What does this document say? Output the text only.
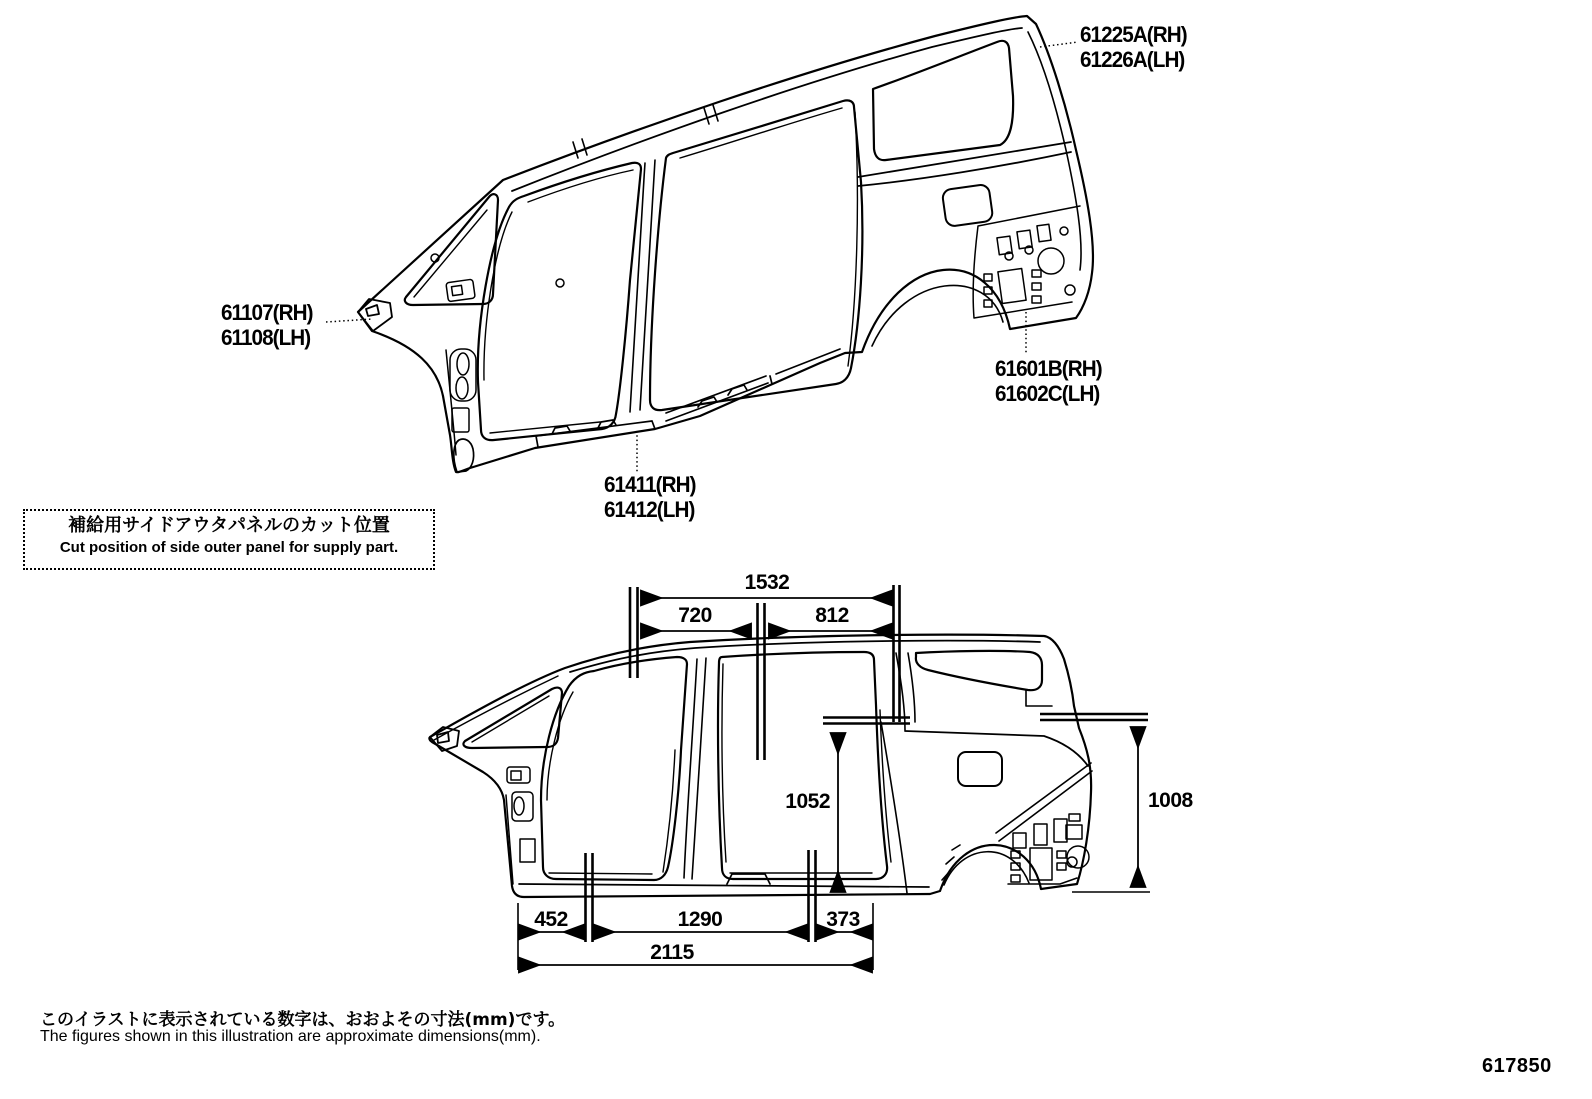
61225A(RH)
61226A(LH)
61107(RH)
61108(LH)
61601B(RH)
61602C(LH)
61411(RH)
61412(LH)
補給用サイドアウタパネルのカット位置
Cut position of side outer panel for supply part.
1532
720	812
1052	1008
452	1290	373
2115
このイラストに表示されている数字は、おおよその寸法(mm)です。
The figures shown in this illustration are approximate dimensions(mm).
617850
